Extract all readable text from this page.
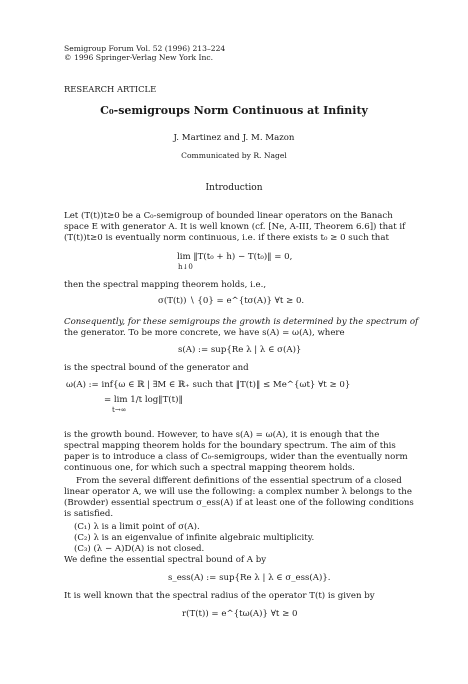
Semigroup Forum Vol. 52 (1996) 213–224
© 1996 Springer-Verlag New York Inc.
RESEARCH ARTICLE
C₀-semigroups Norm Continuous at Infinity
J. Martinez and J. M. Mazon
Communicated by R. Nagel
Introduction
Let (T(t))t≥0 be a C₀-semigroup of bounded linear operators on the Banach
space E with generator A. It is well known (cf. [Ne, A-III, Theorem 6.6]) that if
(T(t))t≥0 is eventually norm continuous, i.e. if there exists t₀ ≥ 0 such that
lim ‖T(t₀ + h) − T(t₀)‖ = 0,
h↓0
then the spectral mapping theorem holds, i.e.,
σ(T(t)) ∖ {0} = e^{tσ(A)} ∀t ≥ 0.
Consequently, for these semigroups the growth is determined by the spectrum of
the generator. To be more concrete, we have s(A) = ω(A), where
s(A) := sup{Re λ | λ ∈ σ(A)}
is the spectral bound of the generator and
ω(A) := inf{ω ∈ ℝ | ∃M ∈ ℝ₊ such that ‖T(t)‖ ≤ Me^{ωt} ∀t ≥ 0}
= lim 1/t log‖T(t)‖
t→∞
is the growth bound. However, to have s(A) = ω(A), it is enough that the
spectral mapping theorem holds for the boundary spectrum. The aim of this
paper is to introduce a class of C₀-semigroups, wider than the eventually norm
continuous one, for which such a spectral mapping theorem holds.
From the several different definitions of the essential spectrum of a closed
linear operator A, we will use the following: a complex number λ belongs to the
(Browder) essential spectrum σ_ess(A) if at least one of the following conditions
is satisfied.
(C₁) λ is a limit point of σ(A).
(C₂) λ is an eigenvalue of infinite algebraic multiplicity.
(C₃) (λ − A)D(A) is not closed.
We define the essential spectral bound of A by
s_ess(A) := sup{Re λ | λ ∈ σ_ess(A)}.
It is well known that the spectral radius of the operator T(t) is given by
r(T(t)) = e^{tω(A)} ∀t ≥ 0
